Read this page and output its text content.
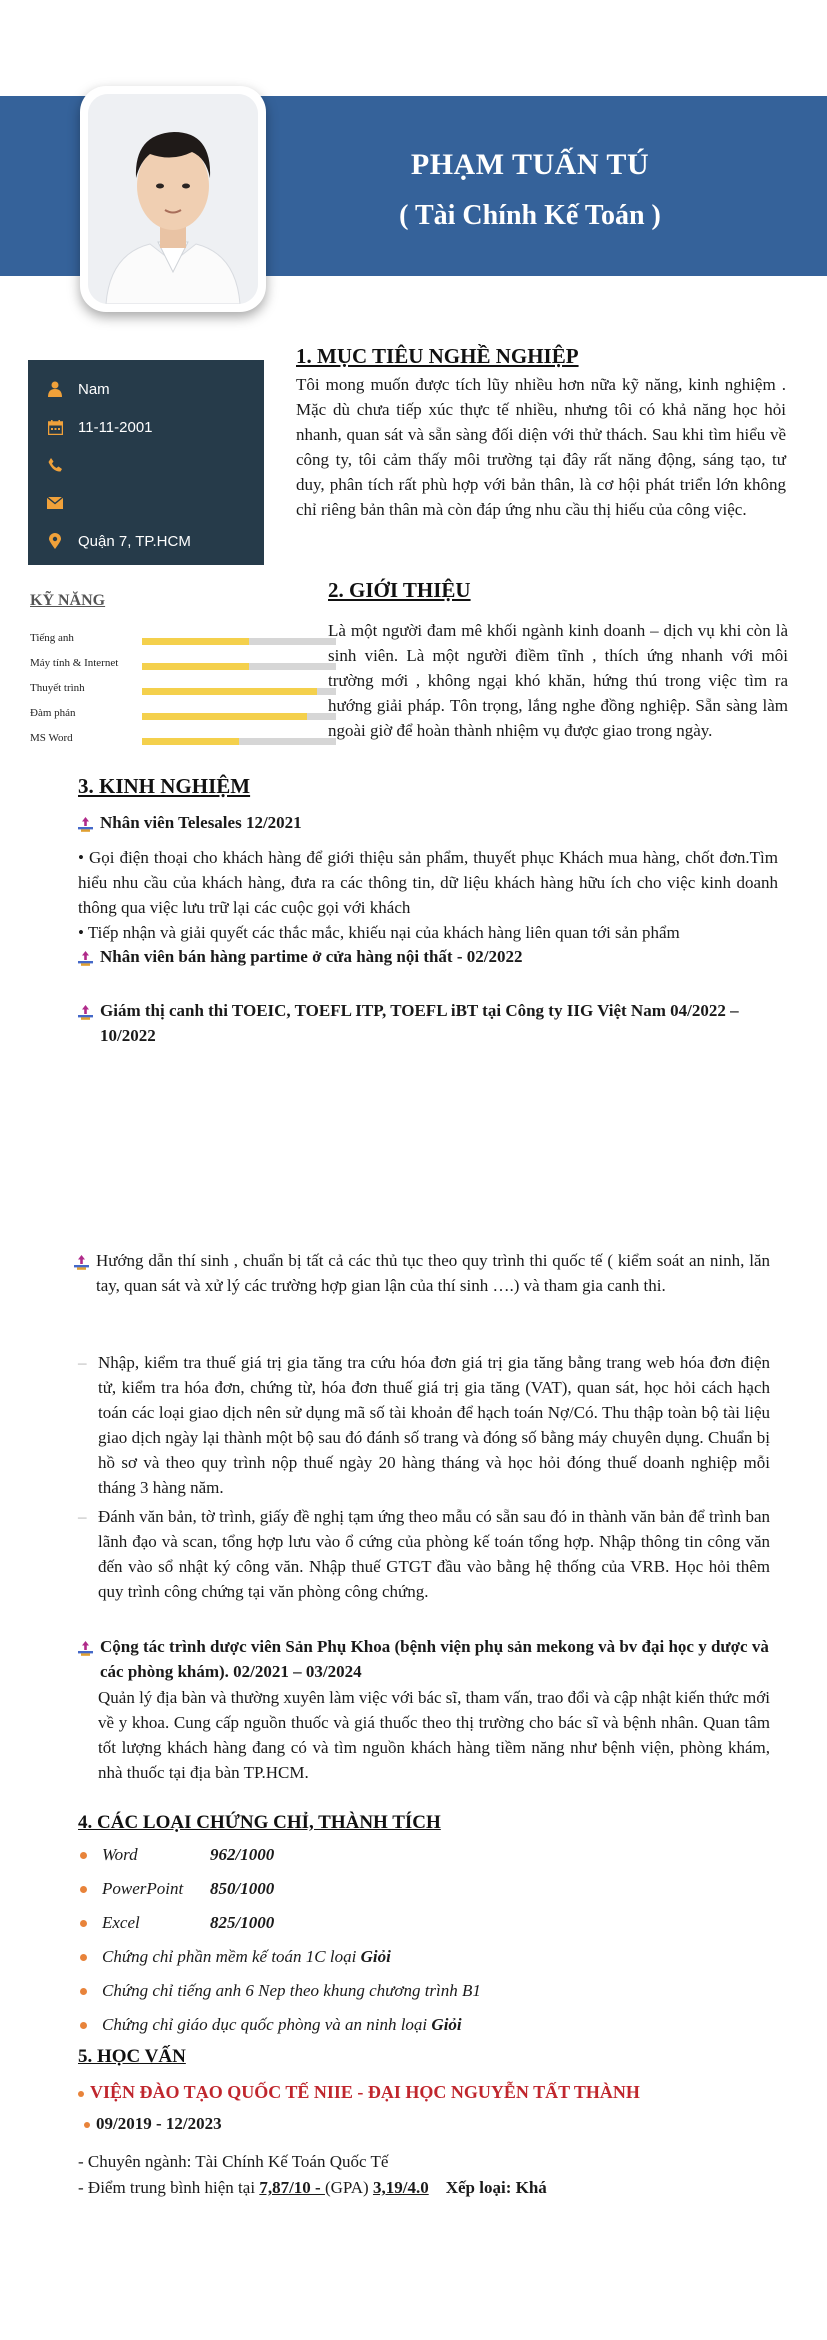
PHẠM TUẤN TÚ
( Tài Chính Kế Toán )
Nam
11-11-2001
Quận 7, TP.HCM
KỸ NĂNG
Tiếng anh
Máy tính & Internet
Thuyết trình
Đàm phán
MS Word
1. MỤC TIÊU NGHỀ NGHIỆP
Tôi mong muốn được tích lũy nhiều hơn nữa kỹ năng, kinh nghiệm . Mặc dù chưa tiếp xúc thực tế nhiều, nhưng tôi có khả năng học hỏi nhanh, quan sát và sẵn sàng đối diện với thử thách. Sau khi tìm hiểu về công ty, tôi cảm thấy môi trường tại đây rất năng động, sáng tạo, tư duy, phân tích rất phù hợp với bản thân, là cơ hội phát triển lớn không chỉ riêng bản thân mà còn đáp ứng nhu cầu thị hiếu của công việc.
2. GIỚI THIỆU
Là một người đam mê khối ngành kinh doanh – dịch vụ khi còn là sinh viên. Là một người điềm tĩnh , thích ứng nhanh với môi trường mới , không ngại khó khăn, hứng thú trong việc tìm ra hướng giải pháp. Tôn trọng, lắng nghe đồng nghiệp. Sẵn sàng làm ngoài giờ để hoàn thành nhiệm vụ được giao trong ngày.
3. KINH NGHIỆM
Nhân viên Telesales 12/2021
• Gọi điện thoại cho khách hàng để giới thiệu sản phẩm, thuyết phục Khách mua hàng, chốt đơn.Tìm hiểu nhu cầu của khách hàng, đưa ra các thông tin, dữ liệu khách hàng hữu ích cho việc kinh doanh thông qua việc lưu trữ lại các cuộc gọi với khách
• Tiếp nhận và giải quyết các thắc mắc, khiếu nại của khách hàng liên quan tới sản phẩm
Nhân viên bán hàng partime ở cửa hàng nội thất - 02/2022
Giám thị canh thi TOEIC, TOEFL ITP, TOEFL iBT tại Công ty IIG Việt Nam 04/2022 – 10/2022
Hướng dẫn thí sinh , chuẩn bị tất cả các thủ tục theo quy trình thi quốc tế ( kiểm soát an ninh, lăn tay, quan sát và xử lý các trường hợp gian lận của thí sinh ….) và tham gia canh thi.
– Nhập, kiểm tra thuế giá trị gia tăng tra cứu hóa đơn giá trị gia tăng bằng trang web hóa đơn điện tử, kiểm tra hóa đơn, chứng từ, hóa đơn thuế giá trị gia tăng (VAT), quan sát, học hỏi cách hạch toán các loại giao dịch nên sử dụng mã số tài khoản để hạch toán Nợ/Có. Thu thập toàn bộ tài liệu giao dịch ngày lại thành một bộ sau đó đánh số trang và đóng số bằng máy chuyên dụng. Chuẩn bị hồ sơ và theo quy trình nộp thuế ngày 20 hàng tháng và học hỏi đóng thuế doanh nghiệp mỗi tháng 3 hàng năm.
– Đánh văn bản, tờ trình, giấy đề nghị tạm ứng theo mẫu có sẵn sau đó in thành văn bản để trình ban lãnh đạo và scan, tổng hợp lưu vào ổ cứng của phòng kế toán tổng hợp. Nhập thông tin công văn đến vào sổ nhật ký công văn. Nhập thuế GTGT đầu vào bằng hệ thống của VRB. Học hỏi thêm quy trình công chứng tại văn phòng công chứng.
Cộng tác trình dược viên Sản Phụ Khoa (bệnh viện phụ sản mekong và bv đại học y dược và các phòng khám). 02/2021 – 03/2024
Quản lý địa bàn và thường xuyên làm việc với bác sĩ, tham vấn, trao đổi và cập nhật kiến thức mới về y khoa. Cung cấp nguồn thuốc và giá thuốc theo thị trường cho bác sĩ và bệnh nhân. Quan tâm tốt lượng khách hàng đang có và tìm nguồn khách hàng tiềm năng như bệnh viện, phòng khám, nhà thuốc tại địa bàn TP.HCM.
4. CÁC LOẠI CHỨNG CHỈ, THÀNH TÍCH
Word	962/1000
PowerPoint 850/1000
Excel	825/1000
Chứng chỉ phần mềm kế toán 1C loại Giỏi
Chứng chỉ tiếng anh 6 Nep theo khung chương trình B1
Chứng chỉ giáo dục quốc phòng và an ninh loại Giỏi
5. HỌC VẤN
VIỆN ĐÀO TẠO QUỐC TẾ NIIE - ĐẠI HỌC NGUYỄN TẤT THÀNH
09/2019 - 12/2023
- Chuyên ngành: Tài Chính Kế Toán Quốc Tế
- Điểm trung bình hiện tại 7,87/10 - (GPA) 3,19/4.0 Xếp loại: Khá
